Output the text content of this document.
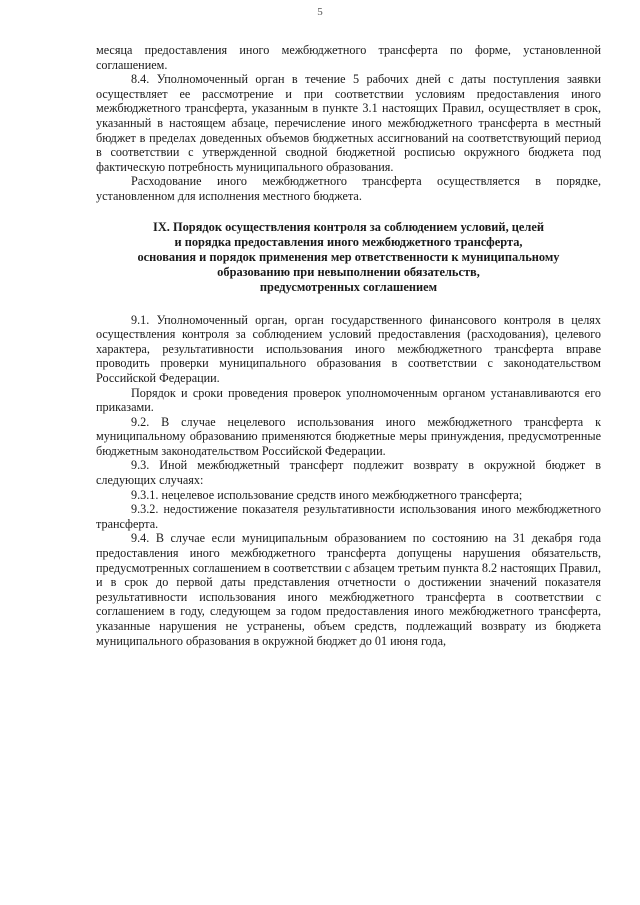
5

месяца предоставления иного межбюджетного трансферта по форме, установленной соглашением.

8.4. Уполномоченный орган в течение 5 рабочих дней с даты поступления заявки осуществляет ее рассмотрение и при соответствии условиям предоставления иного межбюджетного трансферта, указанным в пункте 3.1 настоящих Правил, осуществляет в срок, указанный в настоящем абзаце, перечисление иного межбюджетного трансферта в местный бюджет в пределах доведенных объемов бюджетных ассигнований на соответствующий период в соответствии с утвержденной сводной бюджетной росписью окружного бюджета под фактическую потребность муниципального образования.

Расходование иного межбюджетного трансферта осуществляется в порядке, установленном для исполнения местного бюджета.

IX. Порядок осуществления контроля за соблюдением условий, целей
и порядка предоставления иного межбюджетного трансферта,
основания и порядок применения мер ответственности к муниципальному
образованию при невыполнении обязательств,
предусмотренных соглашением

9.1. Уполномоченный орган, орган государственного финансового контроля в целях осуществления контроля за соблюдением условий предоставления (расходования), целевого характера, результативности использования иного межбюджетного трансферта вправе проводить проверки муниципального образования в соответствии с законодательством Российской Федерации.

Порядок и сроки проведения проверок уполномоченным органом устанавливаются его приказами.

9.2. В случае нецелевого использования иного межбюджетного трансферта к муниципальному образованию применяются бюджетные меры принуждения, предусмотренные бюджетным законодательством Российской Федерации.

9.3. Иной межбюджетный трансферт подлежит возврату в окружной бюджет в следующих случаях:

9.3.1. нецелевое использование средств иного межбюджетного трансферта;

9.3.2. недостижение показателя результативности использования иного межбюджетного трансферта.

9.4. В случае если муниципальным образованием по состоянию на 31 декабря года предоставления иного межбюджетного трансферта допущены нарушения обязательств, предусмотренных соглашением в соответствии с абзацем третьим пункта 8.2 настоящих Правил, и в срок до первой даты представления отчетности о достижении значений показателя результативности использования иного межбюджетного трансферта в соответствии с соглашением в году, следующем за годом предоставления иного межбюджетного трансферта, указанные нарушения не устранены, объем средств, подлежащий возврату из бюджета муниципального образования в окружной бюджет до 01 июня года,
